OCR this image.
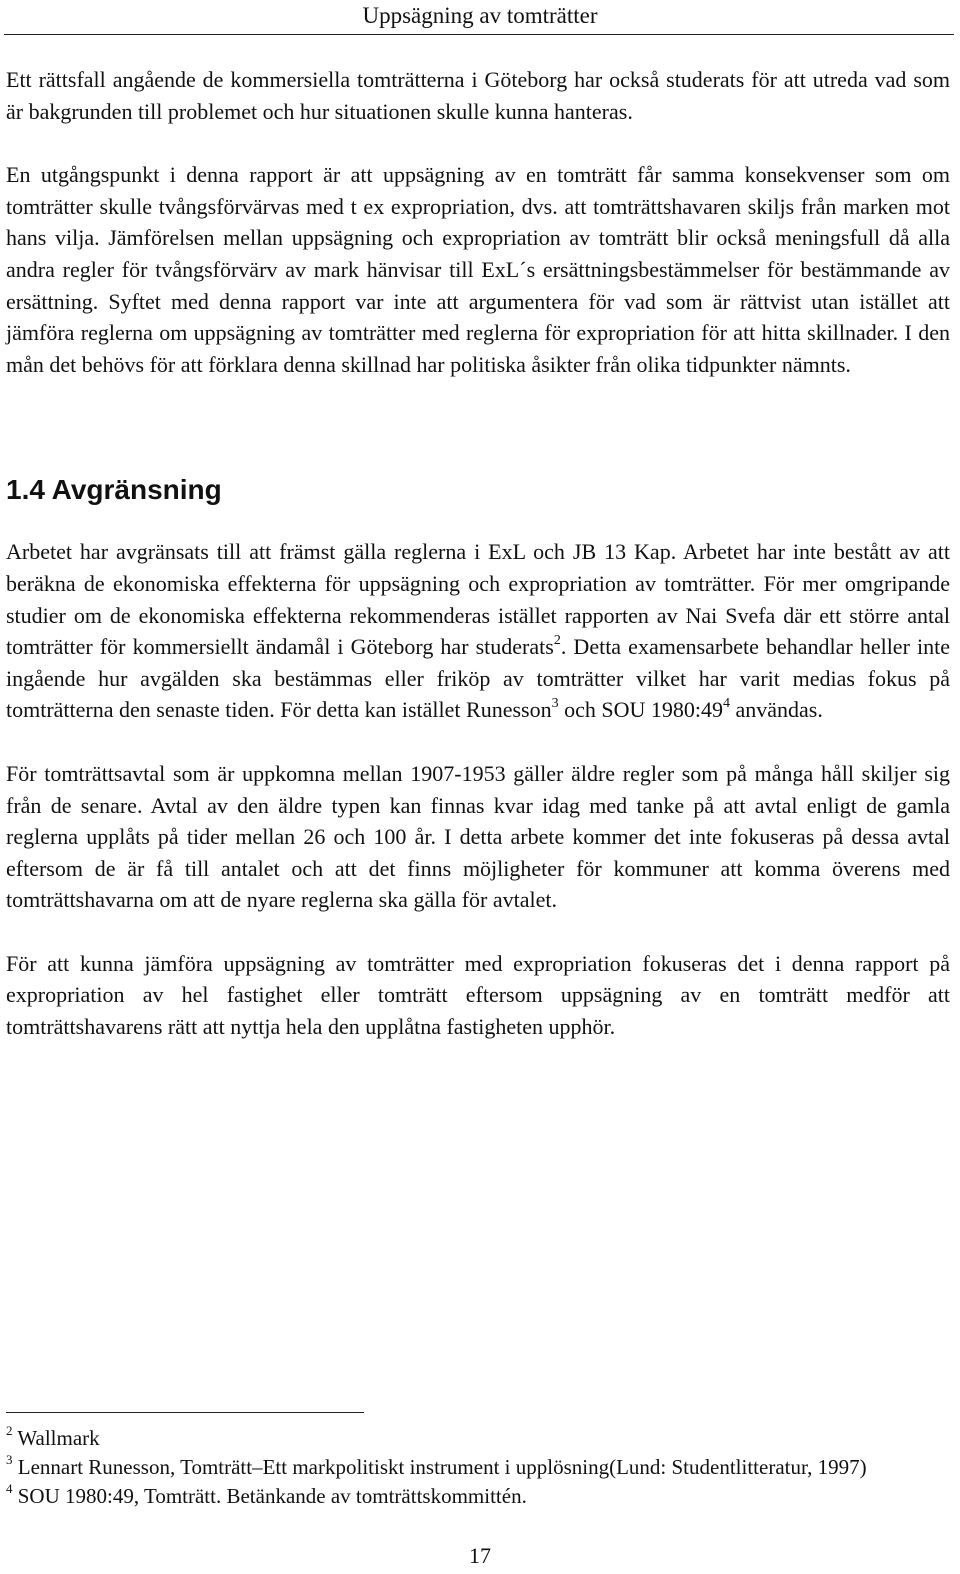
Uppsägning av tomträtter

Ett rättsfall angående de kommersiella tomträtterna i Göteborg har också studerats för att utreda vad som är bakgrunden till problemet och hur situationen skulle kunna hanteras.

En utgångspunkt i denna rapport är att uppsägning av en tomträtt får samma konsekvenser som om tomträtter skulle tvångsförvärvas med t ex expropriation, dvs. att tomträttshavaren skiljs från marken mot hans vilja. Jämförelsen mellan uppsägning och expropriation av tomträtt blir också meningsfull då alla andra regler för tvångsförvärv av mark hänvisar till ExL´s ersättningsbestämmelser för bestämmande av ersättning. Syftet med denna rapport var inte att argumentera för vad som är rättvist utan istället att jämföra reglerna om uppsägning av tomträtter med reglerna för expropriation för att hitta skillnader. I den mån det behövs för att förklara denna skillnad har politiska åsikter från olika tidpunkter nämnts.

1.4 Avgränsning

Arbetet har avgränsats till att främst gälla reglerna i ExL och JB 13 Kap. Arbetet har inte bestått av att beräkna de ekonomiska effekterna för uppsägning och expropriation av tomträtter. För mer omgripande studier om de ekonomiska effekterna rekommenderas istället rapporten av Nai Svefa där ett större antal tomträtter för kommersiellt ändamål i Göteborg har studerats$^2$. Detta examensarbete behandlar heller inte ingående hur avgälden ska bestämmas eller friköp av tomträtter vilket har varit medias fokus på tomträtterna den senaste tiden. För detta kan istället Runesson$^3$ och SOU $1980:49^4$ användas.

För tomträttsavtal som är uppkomna mellan 1907-1953 gäller äldre regler som på många håll skiljer sig från de senare. Avtal av den äldre typen kan finnas kvar idag med tanke på att avtal enligt de gamla reglerna upplåts på tider mellan 26 och 100 år. I detta arbete kommer det inte fokuseras på dessa avtal eftersom de är få till antalet och att det finns möjligheter för kommuner att komma överens med tomträttshavarna om att de nyare reglerna ska gälla för avtalet.

För att kunna jämföra uppsägning av tomträtter med expropriation fokuseras det i denna rapport på expropriation av hel fastighet eller tomträtt eftersom uppsägning av en tomträtt medför att tomträttshavarens rätt att nyttja hela den upplåtna fastigheten upphör.

$^2$ Wallmark

$^3$ Lennart Runesson, Tomträtt–Ett markpolitiskt instrument i upplösning(Lund: Studentlitteratur, 1997)

$^4$ SOU 1980:49, Tomträtt. Betänkande av tomträttskommittén.

17
